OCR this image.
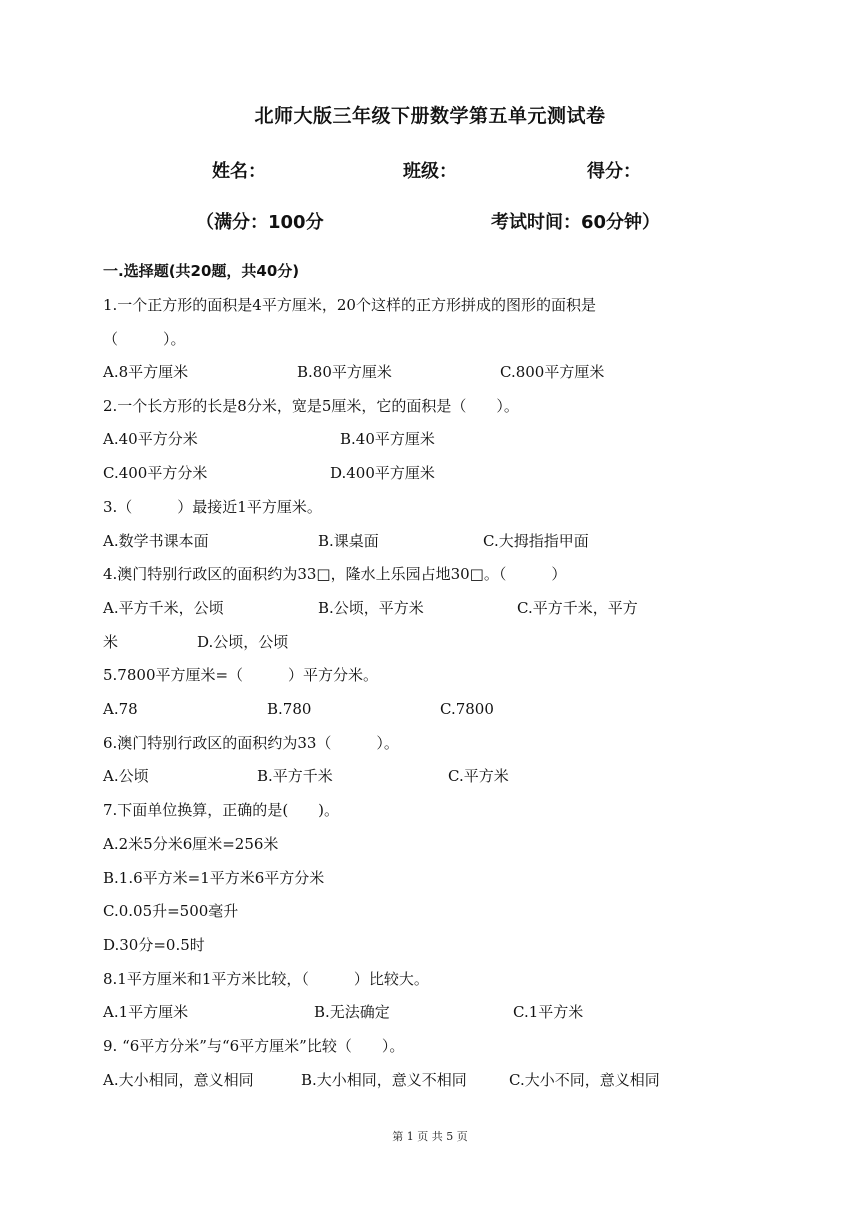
北师大版三年级下册数学第五单元测试卷
姓名：	班级：	得分：
（满分：100分	考试时间：60分钟）
一.选择题(共20题，共40分)
1.一个正方形的面积是4平方厘米，20个这样的正方形拼成的图形的面积是
（　　　）。
A.8平方厘米	B.80平方厘米	C.800平方厘米
2.一个长方形的长是8分米，宽是5厘米，它的面积是（　　）。
A.40平方分米	B.40平方厘米
C.400平方分米	D.400平方厘米
3.（　　　）最接近1平方厘米。
A.数学书课本面	B.课桌面	C.大拇指指甲面
4.澳门特别行政区的面积约为33□，隆水上乐园占地30□。（　　　）
A.平方千米，公顷	B.公顷，平方米	C.平方千米，平方
米	D.公顷，公顷
5.7800平方厘米=（　　　）平方分米。
A.78	B.780	C.7800
6.澳门特别行政区的面积约为33（　　　）。
A.公顷	B.平方千米	C.平方米
7.下面单位换算，正确的是(　　)。
A.2米5分米6厘米=256米
B.1.6平方米=1平方米6平方分米
C.0.05升=500毫升
D.30分=0.5时
8.1平方厘米和1平方米比较，（　　　）比较大。
A.1平方厘米	B.无法确定	C.1平方米
9. “6平方分米”与“6平方厘米”比较（　　）。
A.大小相同，意义相同	B.大小相同，意义不相同	C.大小不同，意义相同
第 1 页 共 5 页
